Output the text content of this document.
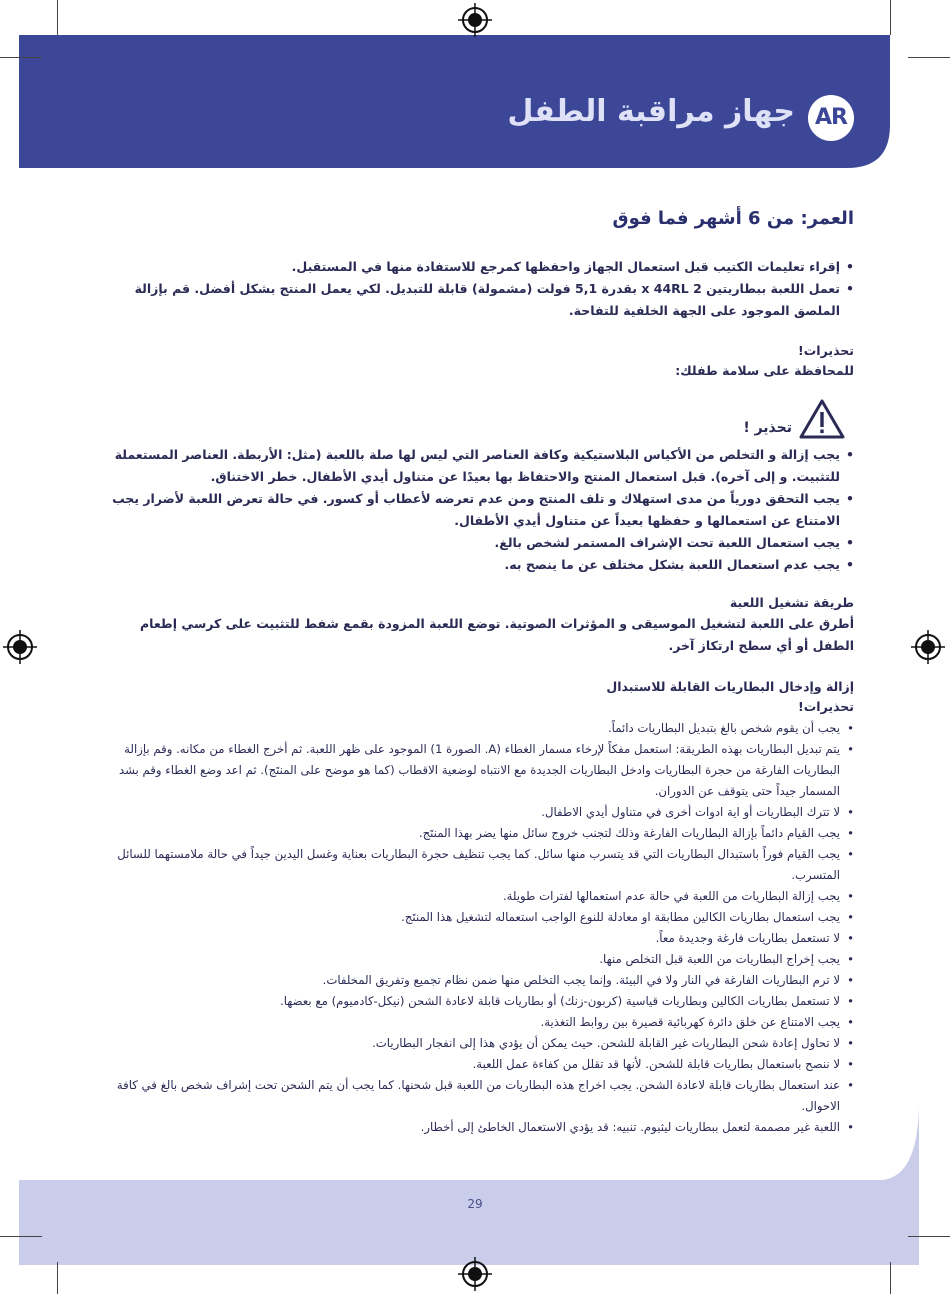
AR
جهاز مراقبة الطفل
العمر: من 6 أشهر فما فوق
• إقراء تعليمات الكتيب قبل استعمال الجهاز واحفظها كمرجع للاستفادة منها في المستقبل.
• تعمل اللعبة ببطاريتين 2 x 44RL بقدرة 5,1 فولت (مشمولة) قابلة للتبديل. لكي يعمل المنتج بشكل أفضل. قم بإزالة الملصق الموجود على الجهة الخلفية للتفاحة.
تحذيرات!
للمحافظة على سلامة طفلك:
تحذير !
• يجب إزالة و التخلص من الأكياس البلاستيكية وكافة العناصر التي ليس لها صلة باللعبة (مثل: الأربطة. العناصر المستعملة للتثبيت. و إلى آخره). قبل استعمال المنتج والاحتفاظ بها بعيدًا عن متناول أيدي الأطفال. خطر الاختناق.
• يجب التحقق دورياً من مدى استهلاك و تلف المنتج ومن عدم تعرضه لأعطاب أو كسور. في حالة تعرض اللعبة لأضرار يجب الامتناع عن استعمالها و حفظها بعيداً عن متناول أيدي الأطفال.
• يجب استعمال اللعبة تحت الإشراف المستمر لشخص بالغ.
• يجب عدم استعمال اللعبة بشكل مختلف عن ما ينصح به.
طريقة تشغيل اللعبة
أطرق على اللعبة لتشغيل الموسيقى و المؤثرات الصوتية. توضع اللعبة المزودة بقمع شفط للتثبيت على كرسي إطعام الطفل أو أي سطح ارتكاز آخر.
إزالة وإدخال البطاريات القابلة للاستبدال
تحذيرات!
• يجب أن يقوم شخص بالغ بتبديل البطاريات دائماً.
• يتم تبديل البطاريات بهذه الطريقة: استعمل مفكاً لإرخاء مسمار الغطاء (A. الصورة 1) الموجود على ظهر اللعبة. ثم أخرج الغطاء من مكانه. وقم بإزالة البطاريات الفارغة من حجرة البطاريات وادخل البطاريات الجديدة مع الانتباه لوضعية الاقطاب (كما هو موضح على المنتَج). ثم اعد وضع الغطاء وقم بشد المسمار جيداً حتى يتوقف عن الدوران.
• لا تترك البطاريات أو اية ادوات أخرى في متناول أيدي الاطفال.
• يجب القيام دائماً بإزالة البطاريات الفارغة وذلك لتجنب خروج سائل منها يضر بهذا المنتَج.
• يجب القيام فوراً باستبدال البطاريات التي قد يتسرب منها سائل. كما يجب تنظيف حجرة البطاريات بعناية وغسل اليدين جيداً في حالة ملامستهما للسائل المتسرب.
• يجب إزالة البطاريات من اللعبة في حالة عدم استعمالها لفترات طويلة.
• يجب استعمال بطاريات الكالين مطابقة او معادلة للنوع الواجب استعماله لتشغيل هذا المنتَج.
• لا تستعمل بطاريات فارغة وجديدة معاً.
• يجب إخراج البطاريات من اللعبة قبل التخلص منها.
• لا ترم البطاريات الفارغة في النار ولا في البيئة. وإنما يجب التخلص منها ضمن نظام تجميع وتفريق المخلفات.
• لا تستعمل بطاريات الكالين وبطاريات قياسية (كربون-زنك) أو بطاريات قابلة لاعادة الشحن (نيكل-كادميوم) مع بعضها.
• يجب الامتناع عن خلق دائرة كهربائية قصيرة بين روابط التغذية.
• لا تحاول إعادة شحن البطاريات غير القابلة للشحن. حيث يمكن أن يؤدي هذا إلى انفجار البطاريات.
• لا ننصح باستعمال بطاريات قابلة للشحن. لأنها قد تقلل من كفاءة عمل اللعبة.
• عند استعمال بطاريات قابلة لاعادة الشحن. يجب اخراج هذه البطاريات من اللعبة قبل شحنها. كما يجب أن يتم الشحن تحت إشراف شخص بالغ في كافة الاحوال.
• اللعبة غير مصممة لتعمل ببطاريات ليثيوم. تنبيه: قد يؤدي الاستعمال الخاطئ إلى أخطار.
29
